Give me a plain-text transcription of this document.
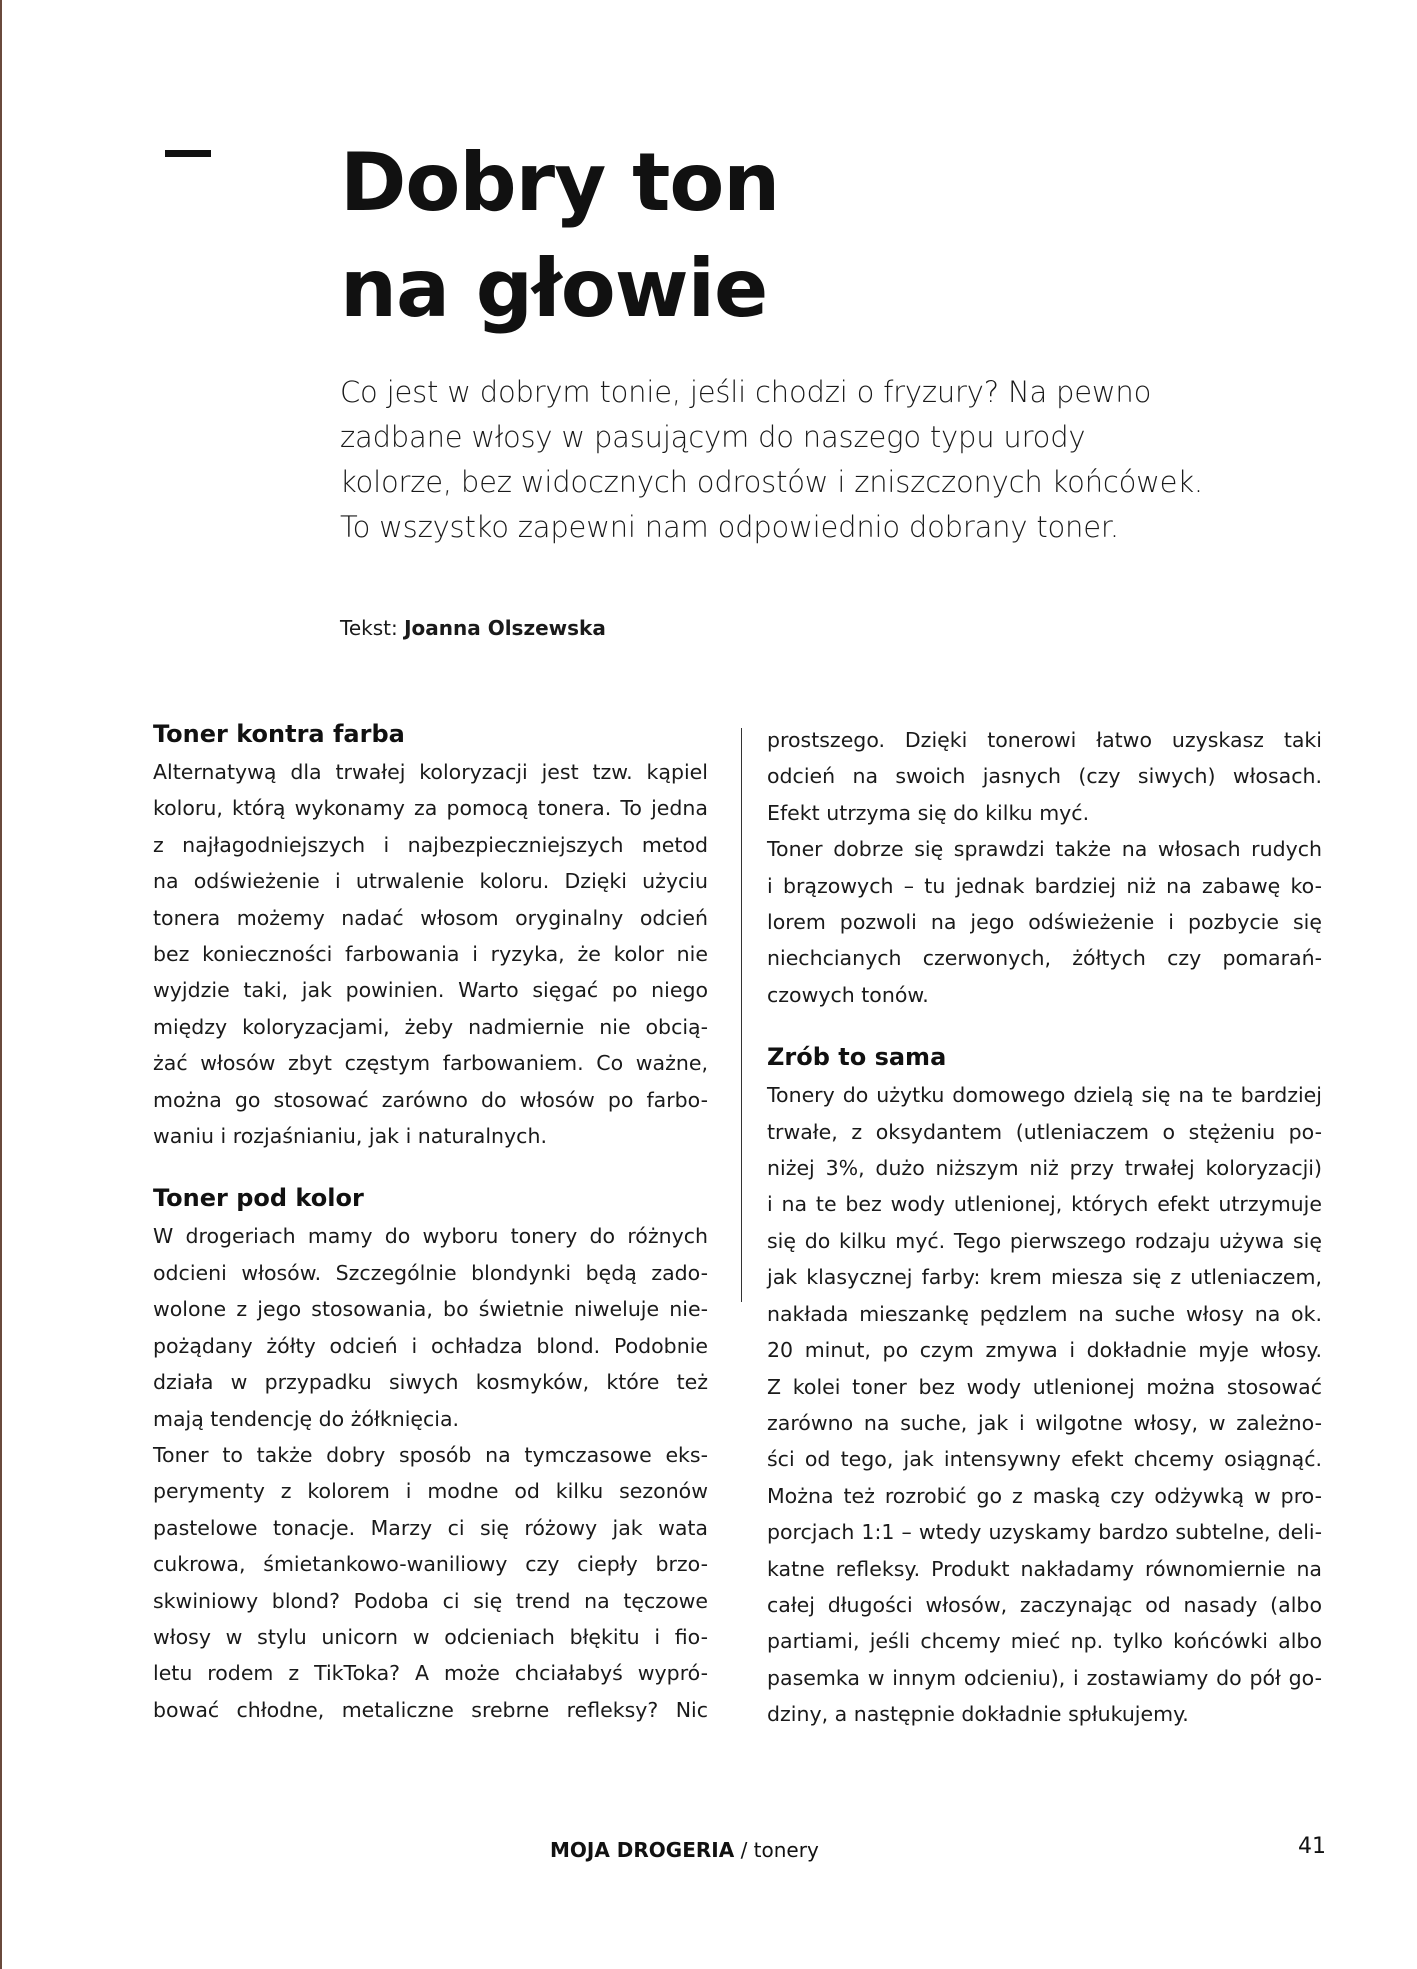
Dobry ton
na głowie

Co jest w dobrym tonie, jeśli chodzi o fryzury? Na pewno
zadbane włosy w pasującym do naszego typu urody
kolorze, bez widocznych odrostów i zniszczonych końcówek.
To wszystko zapewni nam odpowiednio dobrany toner.

Tekst: Joanna Olszewska
Toner kontra farba

Alternatywą dla trwałej koloryzacji jest tzw. kąpiel
koloru, którą wykonamy za pomocą tonera. To jedna
z najłagodniejszych i najbezpieczniejszych metod
na odświeżenie i utrwalenie koloru. Dzięki użyciu
tonera możemy nadać włosom oryginalny odcień
bez konieczności farbowania i ryzyka, że kolor nie
wyjdzie taki, jak powinien. Warto sięgać po niego
między koloryzacjami, żeby nadmiernie nie obcią-
żać włosów zbyt częstym farbowaniem. Co ważne,
można go stosować zarówno do włosów po farbo-
waniu i rozjaśnianiu, jak i naturalnych.

Toner pod kolor

W drogeriach mamy do wyboru tonery do różnych
odcieni włosów. Szczególnie blondynki będą zado-
wolone z jego stosowania, bo świetnie niweluje nie-
pożądany żółty odcień i ochładza blond. Podobnie
działa w przypadku siwych kosmyków, które też
mają tendencję do żółknięcia.

Toner to także dobry sposób na tymczasowe eks-
perymenty z kolorem i modne od kilku sezonów
pastelowe tonacje. Marzy ci się różowy jak wata
cukrowa, śmietankowo-waniliowy czy ciepły brzo-
skwiniowy blond? Podoba ci się trend na tęczowe
włosy w stylu unicorn w odcieniach błękitu i fio-
letu rodem z TikToka? A może chciałabyś wypró-
bować chłodne, metaliczne srebrne refleksy? Nic

prostszego. Dzięki tonerowi łatwo uzyskasz taki
odcień na swoich jasnych (czy siwych) włosach.
Efekt utrzyma się do kilku myć.

Toner dobrze się sprawdzi także na włosach rudych
i brązowych – tu jednak bardziej niż na zabawę ko-
lorem pozwoli na jego odświeżenie i pozbycie się
niechcianych czerwonych, żółtych czy pomarań-
czowych tonów.

Zrób to sama

Tonery do użytku domowego dzielą się na te bardziej
trwałe, z oksydantem (utleniaczem o stężeniu po-
niżej 3%, dużo niższym niż przy trwałej koloryzacji)
i na te bez wody utlenionej, których efekt utrzymuje
się do kilku myć. Tego pierwszego rodzaju używa się
jak klasycznej farby: krem miesza się z utleniaczem,
nakłada mieszankę pędzlem na suche włosy na ok.
20 minut, po czym zmywa i dokładnie myje włosy.
Z kolei toner bez wody utlenionej można stosować
zarówno na suche, jak i wilgotne włosy, w zależno-
ści od tego, jak intensywny efekt chcemy osiągnąć.
Można też rozrobić go z maską czy odżywką w pro-
porcjach 1:1 – wtedy uzyskamy bardzo subtelne, deli-
katne refleksy. Produkt nakładamy równomiernie na
całej długości włosów, zaczynając od nasady (albo
partiami, jeśli chcemy mieć np. tylko końcówki albo
pasemka w innym odcieniu), i zostawiamy do pół go-
dziny, a następnie dokładnie spłukujemy.

MOJA DROGERIA / tonery	41
